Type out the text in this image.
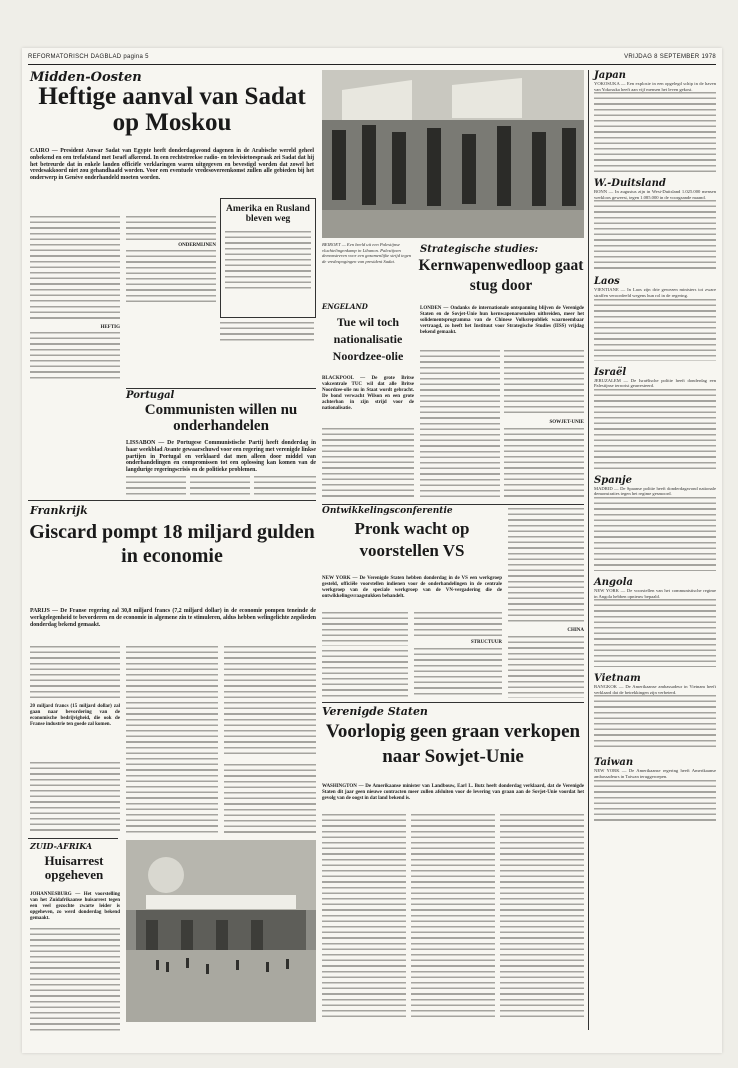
REFORMATORISCH DAGBLAD pagina 5	VRIJDAG 8 SEPTEMBER 1978
Midden-Oosten
Heftige aanval van Sadat op Moskou
CAIRO — President Anwar Sadat van Egypte heeft donderdagavond dagenen in de Arabische wereld geheel onbekend en een trefafstand met Israël afkerend. In een rechtstreekse radio- en televisietoespraak zei Sadat dat hij het betreurde dat in enkele landen officiële verklaringen waren uitgegeven en bevestigd worden dat zowel het vredesakkoord niet zou gehandhaafd worden. Voor een eventuele vredesovereenkomst zullen alle gebieden bij het onderwerp in Genève onderhandeld moeten worden.
ONDERMIJNEN
HEFTIG
Amerika en Rusland bleven weg
Portugal
Communisten willen nu onderhandelen
LISSABON — De Portugese Communistische Partij heeft donderdag in haar weekblad Avante gewaarschuwd voor een regering met verenigde linkse partijen in Portugal en verklaard dat men alleen door middel van onderhandelingen en compromissen tot een oplossing kan komen van de langdurige regeringscrisis en de politieke problemen.
Frankrijk
Giscard pompt 18 miljard gulden in economie
PARIJS — De Franse regering zal 30,8 miljard francs (7,2 miljard dollar) in de economie pompen teneinde de werkgelegenheid te bevorderen en de economie in algemene zin te stimuleren, aldus hebben welingelichte zegslieden donderdag bekend gemaakt.
20 miljard francs (15 miljard dollar) zal gaan naar bevordering van de economische bedrijvigheid, die ook de Franse industrie ten goede zal komen.
ZUID-AFRIKA
Huisarrest opgeheven
JOHANNESBURG — Het voorstelling van het Zuidafrikaanse huisarrest tegen een veel gezochte zwarte leider is opgeheven, zo werd donderdag bekend gemaakt.
BEIROET — Een beeld uit een Palestijnse vluchtelingenkamp in Libanon. Palestijnen demonstreren voor een gezamenlijke strijd tegen de vredespogingen van president Sadat.
ENGELAND
Tue wil toch nationalisatie Noordzee-olie
BLACKPOOL — De grote Britse vakcentrale TUC wil dat alle Britse Noordzee-olie nu in Staat wordt gebracht. De bond verwacht Wilson en een grote achterban in zijn strijd voor de nationalisatie.
Strategische studies:
Kernwapenwedloop gaat stug door
LONDEN — Ondanks de internationale ontspanning blijven de Verenigde Staten en de Sovjet-Unie hun kernwapenarsenalen uitbreiden, meer het solidementsprogramma van de Chinese Volksrepubliek waarneembaar vertraagd, zo heeft het Instituut voor Strategische Studies (IISS) vrijdag bekend gemaakt.
SOWJET-UNIE
Ontwikkelingsconferentie
Pronk wacht op voorstellen VS
NEW YORK — De Verenigde Staten hebben donderdag in de VS een werkgroep gesteld, officiële voorstellen indienen voor de onderhandelingen in de centrale werkgroep van de speciale werkgroep van de VN-vergadering die de ontwikkelingsvraagstukken behandelt.
STRUCTUUR
CHINA
Verenigde Staten
Voorlopig geen graan verkopen naar Sowjet-Unie
WASHINGTON — De Amerikaanse minister van Landbouw, Earl L. Butz heeft donderdag verklaard, dat de Verenigde Staten dit jaar geen nieuwe contracten meer zullen afsluiten voor de levering van graan aan de Sovjet-Unie voordat het gevolg van de oogst in dat land bekend is.
Japan
YOKOSUKA — Een explosie in een opgelegd schip in de haven van Yokosuka heeft aan vijf mensen het leven gekost.
W.-Duitsland
BONN — In augustus zijn in West-Duitsland 1.025.000 mensen werkloos geweest, tegen 1.085.000 in de voorgaande maand.
Laos
VIENTIANE — In Laos zijn drie gewezen ministers tot zware straffen veroordeeld wegens hun rol in de regering.
Israël
JERUZALEM — De Israëlische politie heeft donderdag een Palestijnse terrorist gearresteerd.
Spanje
MADRID — De Spaanse politie heeft donderdagavond nationale demonstraties tegen het regime gesmoord.
Angola
NEW YORK — De voorstellen van het communistische regime in Angola hebben opnieuw bepaald.
Vietnam
BANGKOK — De Amerikaanse ambassadeur in Vietnam heeft verklaard dat de betrekkingen zijn verbeterd.
Taiwan
NEW YORK — De Amerikaanse regering heeft Amerikaanse ambassadeurs in Taiwan teruggeroepen.
